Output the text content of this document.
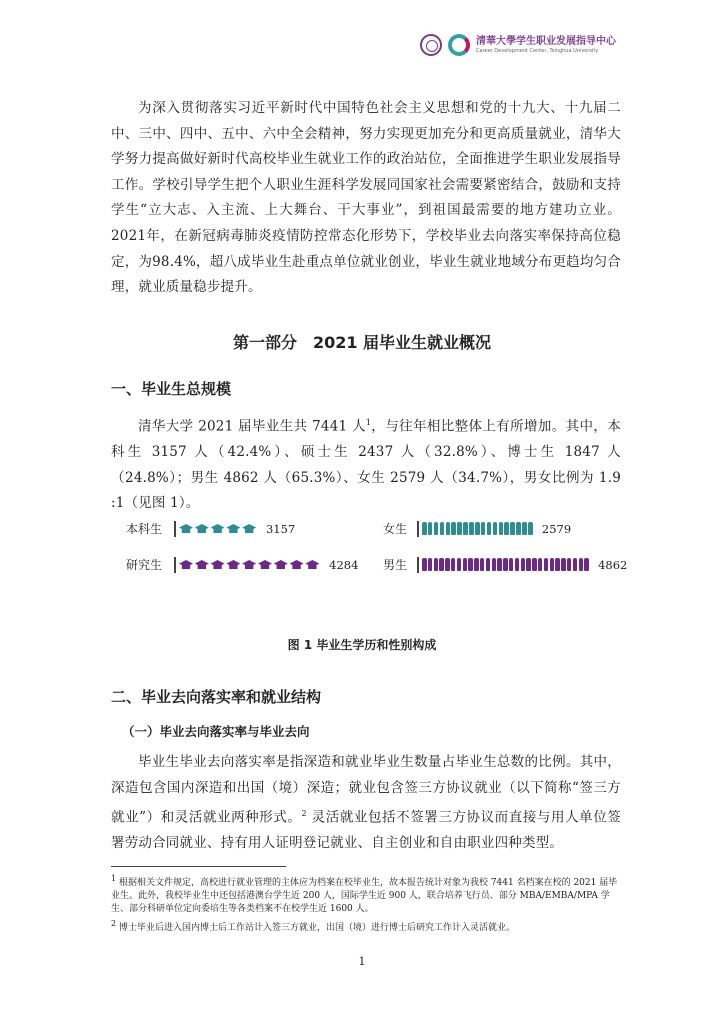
清華大學学生职业发展指导中心
Career Development Center, Tsinghua University

为深入贯彻落实习近平新时代中国特色社会主义思想和党的十九大、十九届二中、三中、四中、五中、六中全会精神，努力实现更加充分和更高质量就业，清华大学努力提高做好新时代高校毕业生就业工作的政治站位，全面推进学生职业发展指导工作。学校引导学生把个人职业生涯科学发展同国家社会需要紧密结合，鼓励和支持学生“立大志、入主流、上大舞台、干大事业”，到祖国最需要的地方建功立业。2021年，在新冠病毒肺炎疫情防控常态化形势下，学校毕业去向落实率保持高位稳定，为98.4%，超八成毕业生赴重点单位就业创业，毕业生就业地域分布更趋均匀合理，就业质量稳步提升。

第一部分　2021 届毕业生就业概况
一、毕业生总规模

清华大学 2021 届毕业生共 7441 人$^1$，与往年相比整体上有所增加。其中，本科生 3157 人（42.4%）、硕士生 2437 人（32.8%）、博士生 1847 人（24.8%）；男生 4862 人（65.3%）、女生 2579 人（34.7%），男女比例为 1.9 :1（见图 1）。

本科生	3157
研究生	4284
女生	2579
男生	4862
图 1 毕业生学历和性别构成
二、毕业去向落实率和就业结构
（一）毕业去向落实率与毕业去向

毕业生毕业去向落实率是指深造和就业毕业生数量占毕业生总数的比例。其中，深造包含国内深造和出国（境）深造；就业包含签三方协议就业（以下简称“签三方就业”）和灵活就业两种形式。$^2$ 灵活就业包括不签署三方协议而直接与用人单位签署劳动合同就业、持有用人证明登记就业、自主创业和自由职业四种类型。

$^1$ 根据相关文件规定，高校进行就业管理的主体应为档案在校毕业生，故本报告统计对象为我校 7441 名档案在校的 2021 届毕业生。此外，我校毕业生中还包括港澳台学生近 200 人，国际学生近 900 人，联合培养飞行员、部分 MBA/EMBA/MPA 学生、部分科研单位定向委培生等各类档案不在校学生近 1600 人。

$^2$ 博士毕业后进入国内博士后工作站计入签三方就业，出国（境）进行博士后研究工作计入灵活就业。

1
